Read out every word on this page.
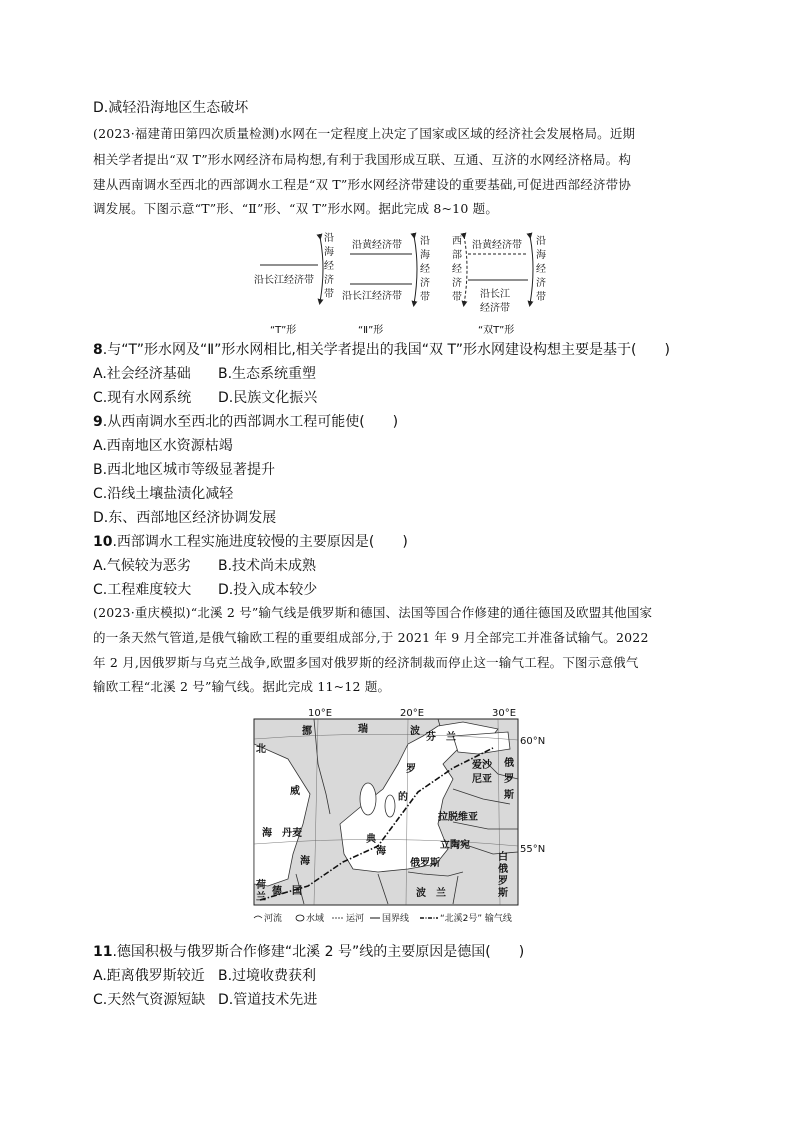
D.减轻沿海地区生态破坏
(2023·福建莆田第四次质量检测)水网在一定程度上决定了国家或区域的经济社会发展格局。近期
相关学者提出“双 T”形水网经济布局构想,有利于我国形成互联、互通、互济的水网经济格局。构
建从西南调水至西北的西部调水工程是“双 T”形水网经济带建设的重要基础,可促进西部经济带协
调发展。下图示意“T”形、“Ⅱ”形、“双 T”形水网。据此完成 8~10 题。
沿长江经济带
沿
海
经
济
带
“T”形
沿黄经济带
沿长江经济带
沿
海
经
济
带
“Ⅱ”形
西
部
经
济
带
沿黄经济带
沿长江
经济带
沿
海
经
济
带
“双T”形
8.与“T”形水网及“Ⅱ”形水网相比,相关学者提出的我国“双 T”形水网建设构想主要是基于(　　)
A.社会经济基础 B.生态系统重塑
C.现有水网系统 D.民族文化振兴
9.从西南调水至西北的西部调水工程可能使(　　)
A.西南地区水资源枯竭
B.西北地区城市等级显著提升
C.沿线土壤盐渍化减轻
D.东、西部地区经济协调发展
10.西部调水工程实施进度较慢的主要原因是(　　)
A.气候较为恶劣 B.技术尚未成熟
C.工程难度较大 D.投入成本较少
(2023·重庆模拟)“北溪 2 号”输气线是俄罗斯和德国、法国等国合作修建的通往德国及欧盟其他国家
的一条天然气管道,是俄气输欧工程的重要组成部分,于 2021 年 9 月全部完工并准备试输气。2022
年 2 月,因俄罗斯与乌克兰战争,欧盟多国对俄罗斯的经济制裁而停止这一输气工程。下图示意俄气
输欧工程“北溪 2 号”输气线。据此完成 11~12 题。
10°E	20°E	30°E
挪
威
瑞
典
芬　兰
北
海
波
罗
的
海
海
丹麦
爱沙
尼亚
拉脱维亚
立陶宛
俄
罗
斯
俄罗斯
白
俄
罗
斯
德　国	波　兰
荷
兰
60°N
55°N
河流	水域 运河 国界线	“北溪2号” 输气线
11.德国积极与俄罗斯合作修建“北溪 2 号”线的主要原因是德国(　　)
A.距离俄罗斯较近 B.过境收费获利
C.天然气资源短缺 D.管道技术先进
